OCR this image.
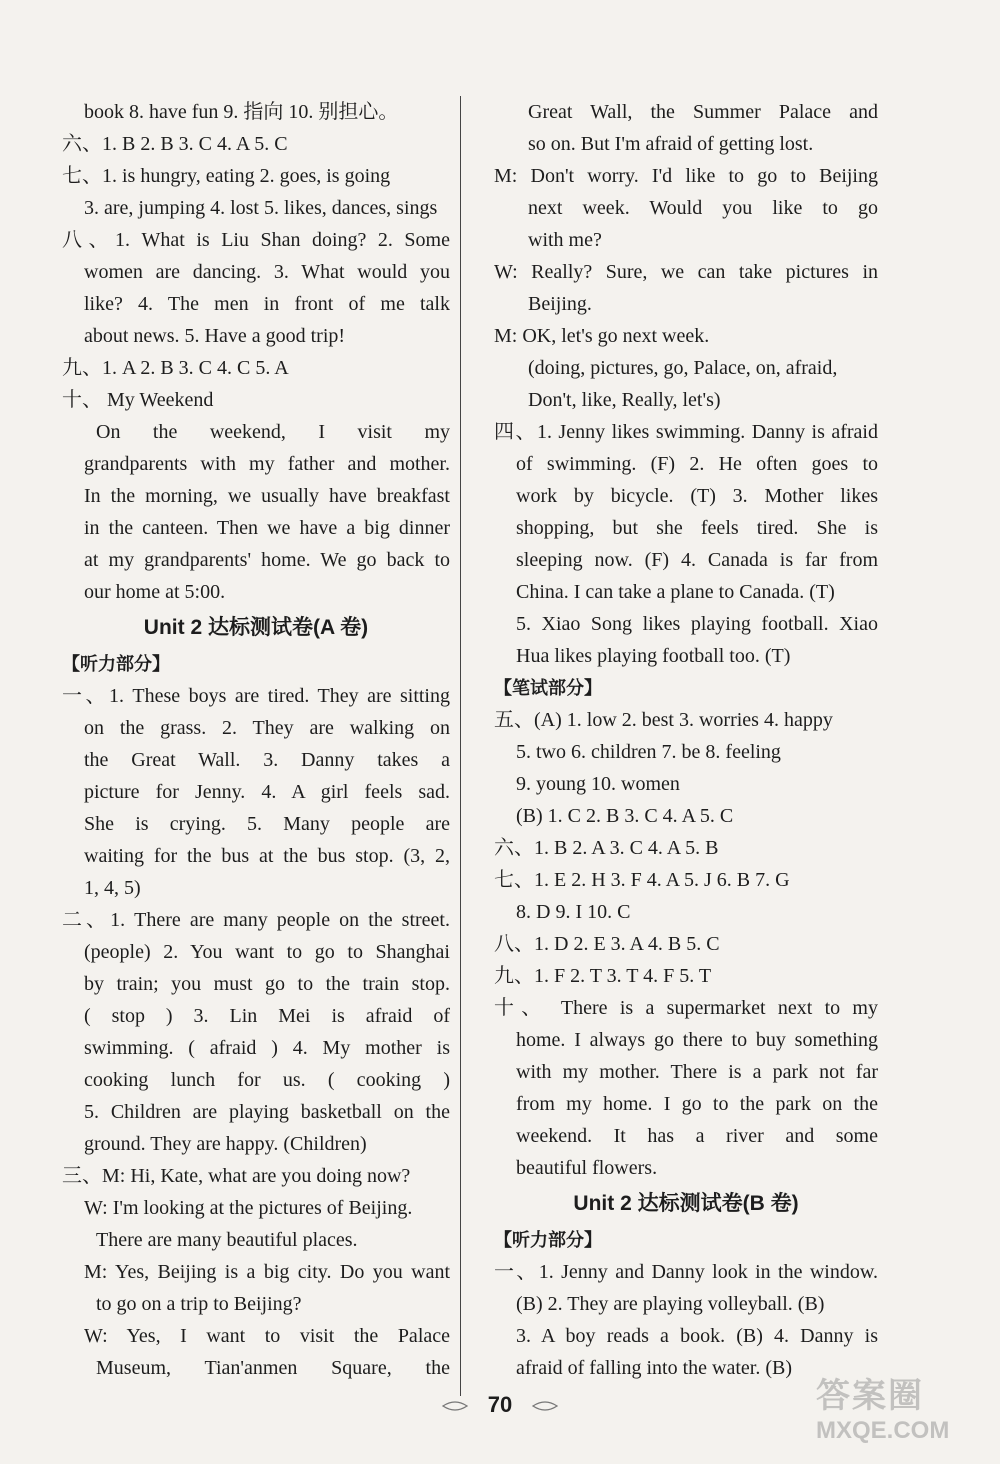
book 8. have fun 9. 指向 10. 别担心。
六、1. B 2. B 3. C 4. A 5. C
七、1. is hungry, eating 2. goes, is going
3. are, jumping 4. lost 5. likes, dances, sings
八、1. What is Liu Shan doing? 2. Some
women are dancing. 3. What would you
like? 4. The men in front of me talk
about news. 5. Have a good trip!
九、1. A 2. B 3. C 4. C 5. A
十、 My Weekend
On the weekend, I visit my
grandparents with my father and mother.
In the morning, we usually have breakfast
in the canteen. Then we have a big dinner
at my grandparents' home. We go back to
our home at 5:00.
Unit 2 达标测试卷(A 卷)
【听力部分】
一、1. These boys are tired. They are sitting
on the grass. 2. They are walking on
the Great Wall. 3. Danny takes a
picture for Jenny. 4. A girl feels sad.
She is crying. 5. Many people are
waiting for the bus at the bus stop. (3, 2,
1, 4, 5)
二、1. There are many people on the street.
(people) 2. You want to go to Shanghai
by train; you must go to the train stop.
( stop ) 3. Lin Mei is afraid of
swimming. ( afraid ) 4. My mother is
cooking lunch for us. ( cooking )
5. Children are playing basketball on the
ground. They are happy. (Children)
三、M: Hi, Kate, what are you doing now?
W: I'm looking at the pictures of Beijing.
There are many beautiful places.
M: Yes, Beijing is a big city. Do you want
to go on a trip to Beijing?
W: Yes, I want to visit the Palace
Museum, Tian'anmen Square, the
Great Wall, the Summer Palace and
so on. But I'm afraid of getting lost.
M: Don't worry. I'd like to go to Beijing
next week. Would you like to go
with me?
W: Really? Sure, we can take pictures in
Beijing.
M: OK, let's go next week.
(doing, pictures, go, Palace, on, afraid,
Don't, like, Really, let's)
四、1. Jenny likes swimming. Danny is afraid
of swimming. (F) 2. He often goes to
work by bicycle. (T) 3. Mother likes
shopping, but she feels tired. She is
sleeping now. (F) 4. Canada is far from
China. I can take a plane to Canada. (T)
5. Xiao Song likes playing football. Xiao
Hua likes playing football too. (T)
【笔试部分】
五、(A) 1. low 2. best 3. worries 4. happy
5. two 6. children 7. be 8. feeling
9. young 10. women
(B) 1. C 2. B 3. C 4. A 5. C
六、1. B 2. A 3. C 4. A 5. B
七、1. E 2. H 3. F 4. A 5. J 6. B 7. G
8. D 9. I 10. C
八、1. D 2. E 3. A 4. B 5. C
九、1. F 2. T 3. T 4. F 5. T
十、 There is a supermarket next to my
home. I always go there to buy something
with my mother. There is a park not far
from my home. I go to the park on the
weekend. It has a river and some
beautiful flowers.
Unit 2 达标测试卷(B 卷)
【听力部分】
一、1. Jenny and Danny look in the window.
(B) 2. They are playing volleyball. (B)
3. A boy reads a book. (B) 4. Danny is
afraid of falling into the water. (B)
70	答案圈
MXQE.COM
